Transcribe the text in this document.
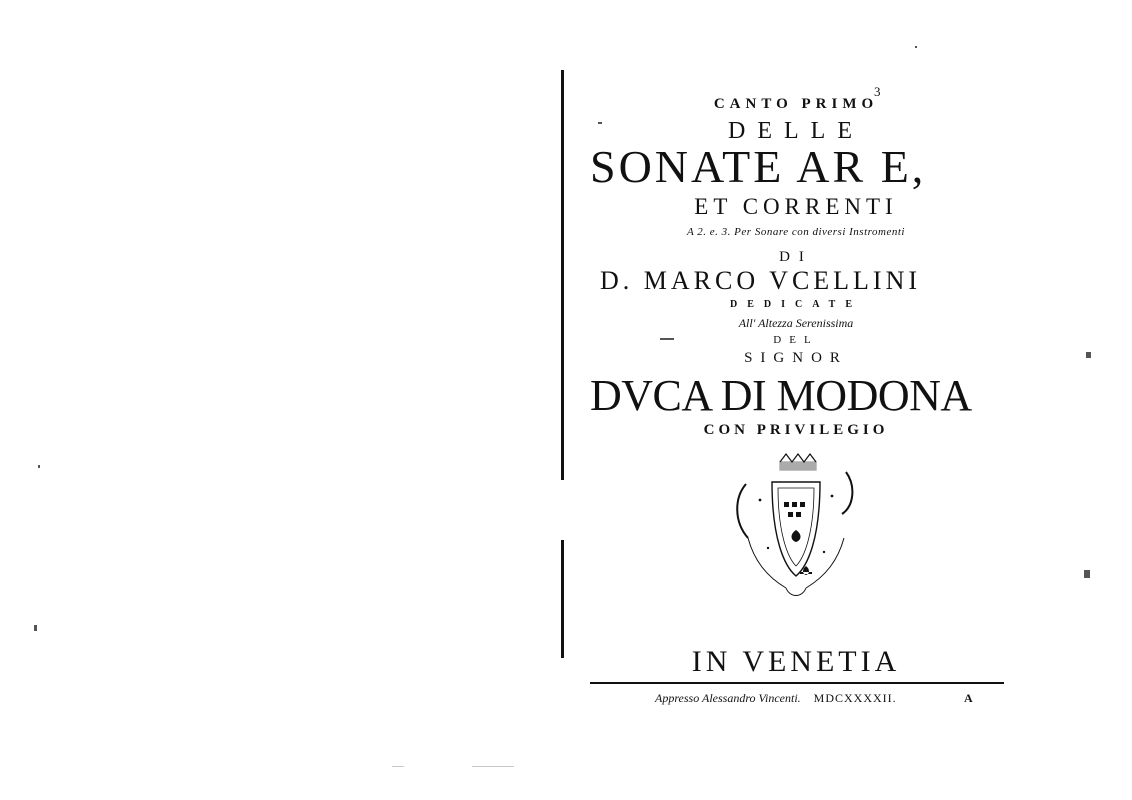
3
CANTO PRIMO
DELLE
SONATE AR E,
ET CORRENTI
A 2. e. 3. Per Sonare con diversi Instromenti
DI
D. MARCO VCELLINI
DEDICATE
All' Altezza Serenissima
DEL
SIGNOR
DVCA DI MODONA
CON PRIVILEGIO
IN VENETIA
Appresso Alessandro Vincenti. MDCXXXXII.	A
